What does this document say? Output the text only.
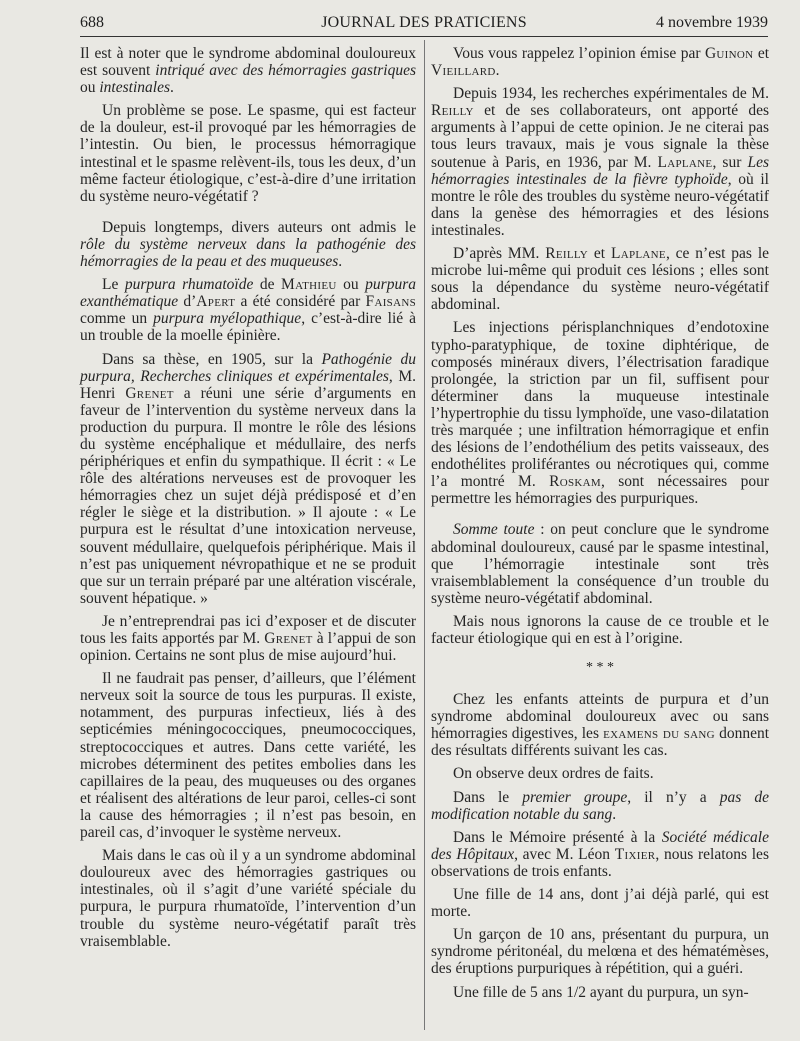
688	JOURNAL DES PRATICIENS	4 novembre 1939

Il est à noter que le syndrome abdominal douloureux est souvent intriqué avec des hémorragies gastriques ou intestinales.

Un problème se pose. Le spasme, qui est facteur de la douleur, est-il provoqué par les hémorragies de l’intestin. Ou bien, le processus hémorragique intestinal et le spasme relèvent-ils, tous les deux, d’un même facteur étiologique, c’est-à-dire d’une irritation du système neuro-végétatif ?

Depuis longtemps, divers auteurs ont admis le rôle du système nerveux dans la pathogénie des hémorragies de la peau et des muqueuses.

Le purpura rhumatoïde de Mathieu ou purpura exanthématique d’Apert a été considéré par Faisans comme un purpura myélopathique, c’est-à-dire lié à un trouble de la moelle épinière.

Dans sa thèse, en 1905, sur la Pathogénie du purpura, Recherches cliniques et expérimentales, M. Henri Grenet a réuni une série d’arguments en faveur de l’intervention du système nerveux dans la production du purpura. Il montre le rôle des lésions du système encéphalique et médullaire, des nerfs périphériques et enfin du sympathique. Il écrit : « Le rôle des altérations nerveuses est de provoquer les hémorragies chez un sujet déjà prédisposé et d’en régler le siège et la distribution. » Il ajoute : « Le purpura est le résultat d’une intoxication nerveuse, souvent médullaire, quelquefois périphérique. Mais il n’est pas uniquement névropathique et ne se produit que sur un terrain préparé par une altération viscérale, souvent hépatique. »

Je n’entreprendrai pas ici d’exposer et de discuter tous les faits apportés par M. Grenet à l’appui de son opinion. Certains ne sont plus de mise aujourd’hui.

Il ne faudrait pas penser, d’ailleurs, que l’élément nerveux soit la source de tous les purpuras. Il existe, notamment, des purpuras infectieux, liés à des septicémies méningococciques, pneumococciques, streptococciques et autres. Dans cette variété, les microbes déterminent des petites embolies dans les capillaires de la peau, des muqueuses ou des organes et réalisent des altérations de leur paroi, celles-ci sont la cause des hémorragies ; il n’est pas besoin, en pareil cas, d’invoquer le système nerveux.

Mais dans le cas où il y a un syndrome abdominal douloureux avec des hémorragies gastriques ou intestinales, où il s’agit d’une variété spéciale du purpura, le purpura rhumatoïde, l’intervention d’un trouble du système neuro-végétatif paraît très vraisemblable.

Vous vous rappelez l’opinion émise par Guinon et Vieillard.

Depuis 1934, les recherches expérimentales de M. Reilly et de ses collaborateurs, ont apporté des arguments à l’appui de cette opinion. Je ne citerai pas tous leurs travaux, mais je vous signale la thèse soutenue à Paris, en 1936, par M. Laplane, sur Les hémorragies intestinales de la fièvre typhoïde, où il montre le rôle des troubles du système neuro-végétatif dans la genèse des hémorragies et des lésions intestinales.

D’après MM. Reilly et Laplane, ce n’est pas le microbe lui-même qui produit ces lésions ; elles sont sous la dépendance du système neuro-végétatif abdominal.

Les injections périsplanchniques d’endotoxine typho-paratyphique, de toxine diphtérique, de composés minéraux divers, l’électrisation faradique prolongée, la striction par un fil, suffisent pour déterminer dans la muqueuse intestinale l’hypertrophie du tissu lymphoïde, une vaso-dilatation très marquée ; une infiltration hémorragique et enfin des lésions de l’endothélium des petits vaisseaux, des endothélites proliférantes ou nécrotiques qui, comme l’a montré M. Roskam, sont nécessaires pour permettre les hémorragies des purpuriques.

Somme toute : on peut conclure que le syndrome abdominal douloureux, causé par le spasme intestinal, que l’hémorragie intestinale sont très vraisemblablement la conséquence d’un trouble du système neuro-végétatif abdominal.

Mais nous ignorons la cause de ce trouble et le facteur étiologique qui en est à l’origine.

* * *

Chez les enfants atteints de purpura et d’un syndrome abdominal douloureux avec ou sans hémorragies digestives, les examens du sang donnent des résultats différents suivant les cas.

On observe deux ordres de faits.

Dans le premier groupe, il n’y a pas de modification notable du sang.

Dans le Mémoire présenté à la Société médicale des Hôpitaux, avec M. Léon Tixier, nous relatons les observations de trois enfants.

Une fille de 14 ans, dont j’ai déjà parlé, qui est morte.

Un garçon de 10 ans, présentant du purpura, un syndrome péritonéal, du melœna et des hématémèses, des éruptions purpuriques à répétition, qui a guéri.

Une fille de 5 ans 1/2 ayant du purpura, un syn-
